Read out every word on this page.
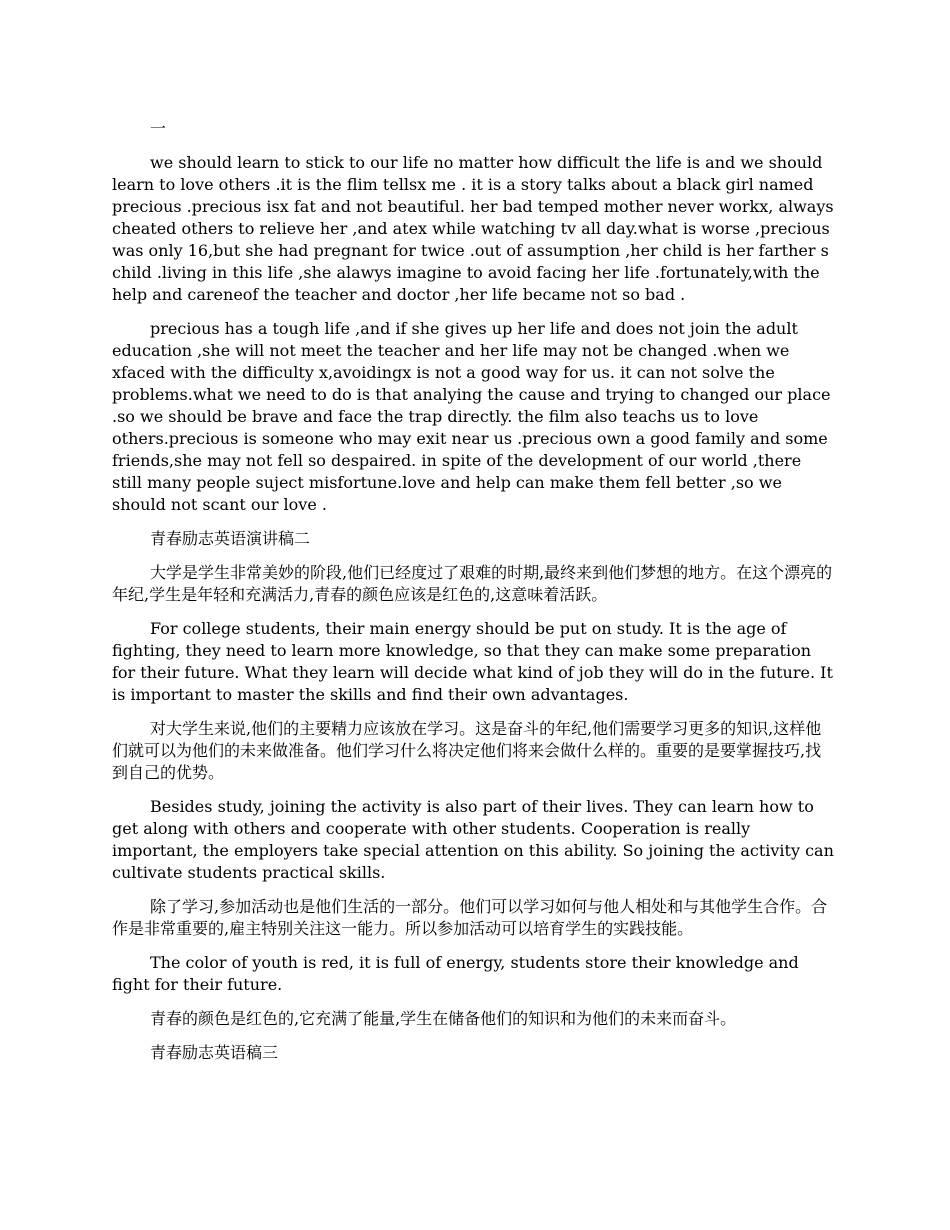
一

we should learn to stick to our life no matter how difficult the life is and we should learn to love others .it is the flim tellsx me . it is a story talks about a black girl named precious .precious isx fat and not beautiful. her bad temped mother never workx, always cheated others to relieve her ,and atex while watching tv all day.what is worse ,precious was only 16,but she had pregnant for twice .out of assumption ,her child is her farther s child .living in this life ,she alawys imagine to avoid facing her life .fortunately,with the help and careneof the teacher and doctor ,her life became not so bad .

precious has a tough life ,and if she gives up her life and does not join the adult education ,she will not meet the teacher and her life may not be changed .when we xfaced with the difficulty x,avoidingx is not a good way for us. it can not solve the problems.what we need to do is that analying the cause and trying to changed our place .so we should be brave and face the trap directly. the film also teachs us to love others.precious is someone who may exit near us .precious own a good family and some friends,she may not fell so despaired. in spite of the development of our world ,there still many people suject misfortune.love and help can make them fell better ,so we should not scant our love .

青春励志英语演讲稿二

大学是学生非常美妙的阶段,他们已经度过了艰难的时期,最终来到他们梦想的地方。在这个漂亮的年纪,学生是年轻和充满活力,青春的颜色应该是红色的,这意味着活跃。

For college students, their main energy should be put on study. It is the age of fighting, they need to learn more knowledge, so that they can make some preparation for their future. What they learn will decide what kind of job they will do in the future. It is important to master the skills and find their own advantages.

对大学生来说,他们的主要精力应该放在学习。这是奋斗的年纪,他们需要学习更多的知识,这样他们就可以为他们的未来做准备。他们学习什么将决定他们将来会做什么样的。重要的是要掌握技巧,找到自己的优势。

Besides study, joining the activity is also part of their lives. They can learn how to get along with others and cooperate with other students. Cooperation is really important, the employers take special attention on this ability. So joining the activity can cultivate students practical skills.

除了学习,参加活动也是他们生活的一部分。他们可以学习如何与他人相处和与其他学生合作。合作是非常重要的,雇主特别关注这一能力。所以参加活动可以培育学生的实践技能。

The color of youth is red, it is full of energy, students store their knowledge and fight for their future.

青春的颜色是红色的,它充满了能量,学生在储备他们的知识和为他们的未来而奋斗。

青春励志英语稿三
